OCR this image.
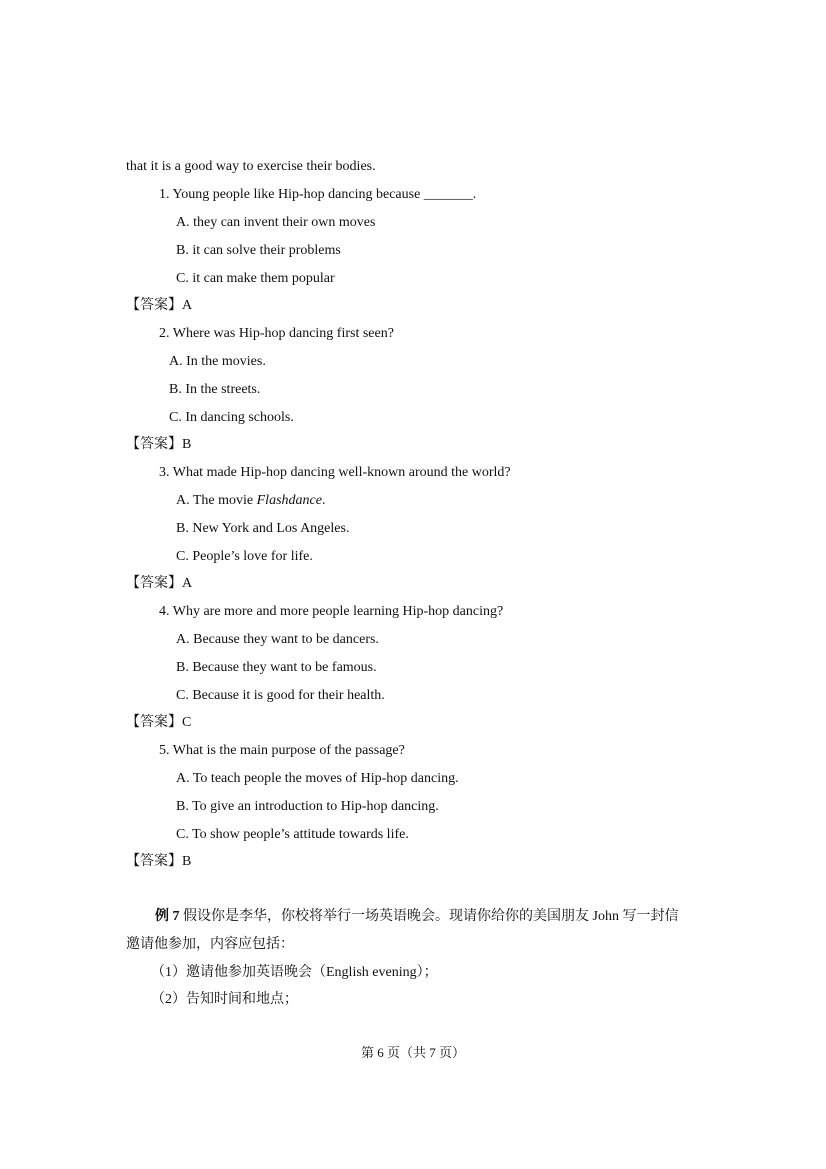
that it is a good way to exercise their bodies.
1. Young people like Hip-hop dancing because _______.
A. they can invent their own moves
B. it can solve their problems
C. it can make them popular
【答案】A
2. Where was Hip-hop dancing first seen?
A. In the movies.
B. In the streets.
C. In dancing schools.
【答案】B
3. What made Hip-hop dancing well-known around the world?
A. The movie Flashdance.
B. New York and Los Angeles.
C. People’s love for life.
【答案】A
4. Why are more and more people learning Hip-hop dancing?
A. Because they want to be dancers.
B. Because they want to be famous.
C. Because it is good for their health.
【答案】C
5. What is the main purpose of the passage?
A. To teach people the moves of Hip-hop dancing.
B. To give an introduction to Hip-hop dancing.
C. To show people’s attitude towards life.
【答案】B
例 7 假设你是李华，你校将举行一场英语晚会。现请你给你的美国朋友 John 写一封信
邀请他参加，内容应包括：
（1）邀请他参加英语晚会（English evening）；
（2）告知时间和地点；
第 6 页（共 7 页）
